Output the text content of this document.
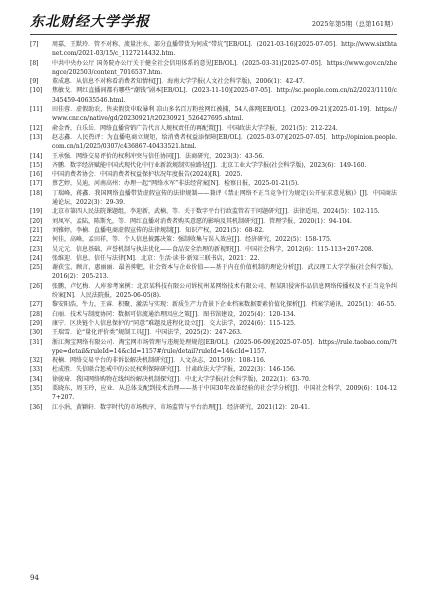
东北财经大学学报	2025年第5期（总第161期）
[7] 周嘉，王默玲．管不对称、流量注水、部分直播带货为何成“带坑”[EB/OL]．(2021-03-16)[2025-07-05]．http://www.sixthtanet.com/2021-03/15/c_1127214432.htm.
[8] 中共中央办公厅 国务院办公厅关于健全社会信用体系的意见[EB/OL]．(2025-03-31)[2025-07-05]．https://www.gov.cn/zhengce/202503/content_7016537.htm.
[9] 董成惠．从信息不对称看消费者知情权[J]．海南大学学报(人文社会科学版)，2006(1)：42-47.
[10] 焦敏戈．网红直播间都有哪些“潮钱”剧本[EB/OL]．(2023-11-10)[2025-07-05]．http://sc.people.com.cn/n2/2023/1110/c345459-40635546.html.
[11] 田佳蓉．虚假助农，售卖假货申取暴利 凉山多名百万粉丝网红被捕，54人落网[EB/OL]．(2023-09-21)[2025-01-19]．https://www.cnr.cn/native/gd/20230921/t20230921_526427695.shtml.
[12] 俞金香，白乐岳．网络直播营销广告代言人规权责任的再配置[J]．中国政法大学学报，2021(5)：212-224.
[13] 赵志鑫．人民热评：为直播电商立规矩，给消费者权益添保障[EB/OL]．(2025-03-07)[2025-07-05]．http://opinion.people.com.cn/n1/2025/0307/c436867-40433521.html.
[14] 王承强．网络交易评价的权利冲突与信任协同[J]．法商研究，2023(3)：43-56.
[15] 齐鹏．数字经济赋能中国式现代化中行业新款规制实验路径[J]．北京工业大学学报(社会科学版)，2023(6)：149-160.
[16] 中国消费者协会．中国消费者权益保护状况年度报告(2024)[R]．2025.
[17] 蔡艺婷，吴迪，河南高州：办理一起“网络水军”非法经营案[N]．检察日报，2025-01-21(5).
[18] 丁瑞峰，蒋鑫．我国网络直播带货虚假宣传的法律规制——兼评《禁止网络不正当竞争行为规定(公开征求意见稿)》[J]．中国商法通论坛，2022(3)：29-39.
[19] 北京市第四人民法院课题组，李迎新，武楠，等．关于数字平台行政监管若干问题研究[J]．法律适用，2024(5)：102-115.
[20] 刘凤军，孟陆，陈斯允，等．网红直播对消费者购买意愿的影响及其机制研究[J]．管理学报，2020(1)：94-104.
[21] 刘雅婷，李楠．直播电商虚假宣传的法律规制[J]．知识产权，2021(5)：68-82.
[22] 何佳，高峰，孟田祥，等．个人信息披露决策：强制收集与误入效应[J]．经济研究，2022(5)：158-175.
[23] 吴元元．信息基础、声誉机制与执法优化——食品安全治理的新视野[J]．中国社会科学，2012(6)：115-113+207-208.
[24] 张维迎．信息、信任与法律[M]．北京：生活·读书·新知三联书店，2021：22.
[25] 谢获宝，顾言，惠丽丽．最善抑肥，社会资本与企业价值——基于内在价值机制的理论分析[J]．武汉理工大学学报(社会科学版)，2016(2)：205-213.
[26] 张鹏，卢忆梅．人库参考案例：北京某科技有限公司诉杭州某网络技术有限公司、程某阳侵害作品信息网络传播权及不正当竞争纠纷案[N]．人民法院报，2025-06-05(8).
[27] 黎安阳浩，牛力，王睿．积聚、激活与实现：新质生产力背景下企业档案数据要素价值化探析[J]．档案学通讯，2025(1)：46-55.
[28] 白丽．技术与制度协同：数据可信流通治理因应之策[J]．图书馆建设，2025(4)：120-134.
[29] 康宁．区块链个人信息保护的“同意”难题及进程化设立[J]．交大法学，2024(6)：115-125.
[30] 王瑞雪．论“量化评价类”规制工具[J]．中国法学，2025(2)：247-263.
[31] 浙江淘宝网络有限公司．淘宝网市场管理与违规处理规范[EB/OL]．(2025-06-09)[2025-07-05]．https://rule.taobao.com/?type=detail&ruleId=14&cId=1157#/rule/detail?ruleId=14&cId=1157.
[32] 祝楠．网络交易平台的非诉讼解决机制研究[J]．人文杂志，2015(9)：108-116.
[33] 杜成胜．失信联合惩戒中的公民权利保障研究[J]．甘肃政法大学学报，2022(3)：146-156.
[34] 徐骏琦．我国网络购物在线纠纷解决机制探究[J]．中北大学学报(社会科学版)，2022(1)：63-70.
[35] 栗晓东，周玉玲，应业．从总体支配到技术治理——基于中国30年改革经验的社会学分析[J]．中国社会科学，2009(6)：104-127+207.
[36] 江小涓，黄颖轩．数字时代的市场秩序、市场监管与平台治理[J]．经济研究，2021(12)：20-41.
94
